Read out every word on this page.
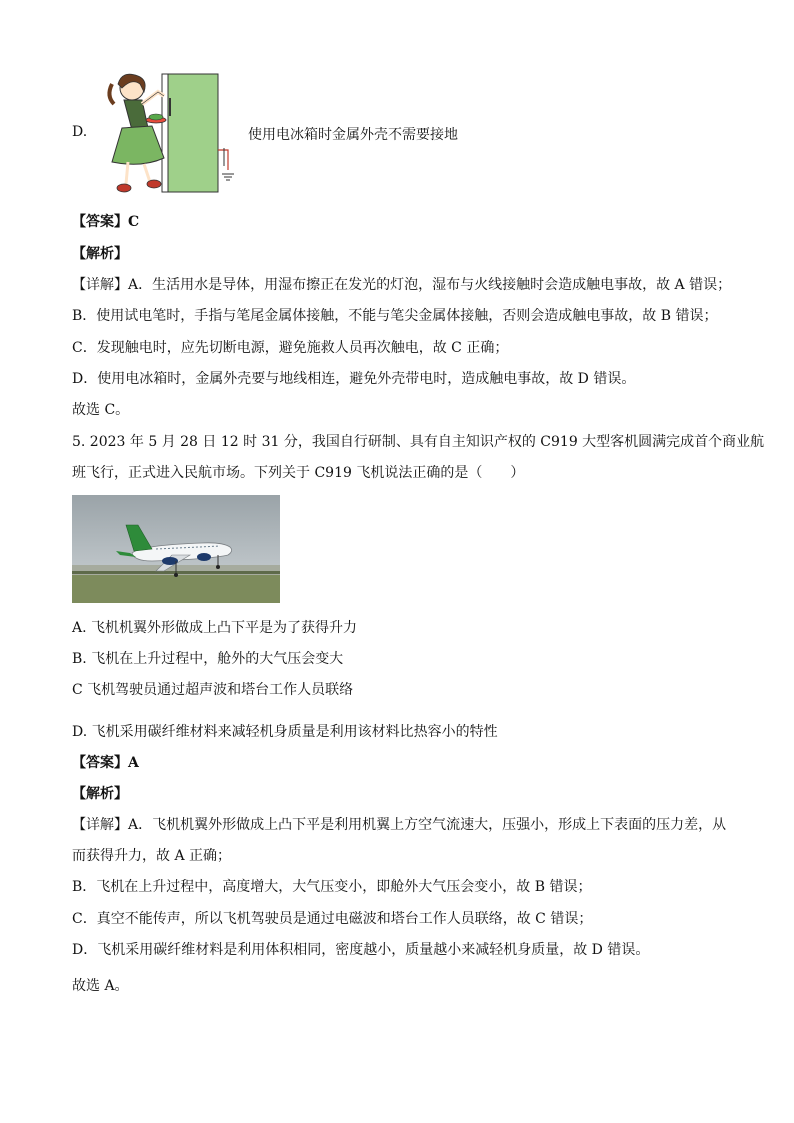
D.	使用电冰箱时金属外壳不需要接地
【答案】C
【解析】
【详解】A．生活用水是导体，用湿布擦正在发光的灯泡，湿布与火线接触时会造成触电事故，故 A 错误；
B．使用试电笔时，手指与笔尾金属体接触，不能与笔尖金属体接触，否则会造成触电事故，故 B 错误；
C．发现触电时，应先切断电源，避免施救人员再次触电，故 C 正确；
D．使用电冰箱时，金属外壳要与地线相连，避免外壳带电时，造成触电事故，故 D 错误。
故选 C。
5. 2023 年 5 月 28 日 12 时 31 分，我国自行研制、具有自主知识产权的 C919 大型客机圆满完成首个商业航
班飞行，正式进入民航市场。下列关于 C919 飞机说法正确的是（　　）
A. 飞机机翼外形做成上凸下平是为了获得升力
B. 飞机在上升过程中，舱外的大气压会变大
C 飞机驾驶员通过超声波和塔台工作人员联络
D. 飞机采用碳纤维材料来减轻机身质量是利用该材料比热容小的特性
【答案】A
【解析】
【详解】A．飞机机翼外形做成上凸下平是利用机翼上方空气流速大，压强小，形成上下表面的压力差，从
而获得升力，故 A 正确；
B．飞机在上升过程中，高度增大，大气压变小，即舱外大气压会变小，故 B 错误；
C．真空不能传声，所以飞机驾驶员是通过电磁波和塔台工作人员联络，故 C 错误；
D．飞机采用碳纤维材料是利用体积相同，密度越小，质量越小来减轻机身质量，故 D 错误。
故选 A。
